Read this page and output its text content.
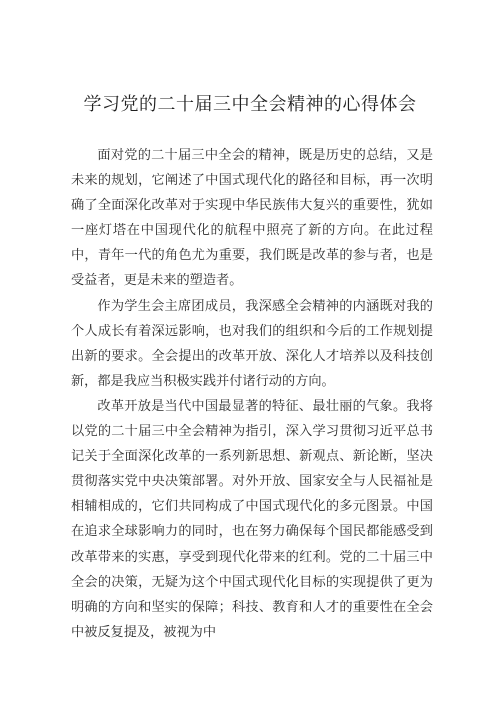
学习党的二十届三中全会精神的心得体会

面对党的二十届三中全会的精神，既是历史的总结，又是未来的规划，它阐述了中国式现代化的路径和目标，再一次明确了全面深化改革对于实现中华民族伟大复兴的重要性，犹如一座灯塔在中国现代化的航程中照亮了新的方向。在此过程中，青年一代的角色尤为重要，我们既是改革的参与者，也是受益者，更是未来的塑造者。

作为学生会主席团成员，我深感全会精神的内涵既对我的个人成长有着深远影响，也对我们的组织和今后的工作规划提出新的要求。全会提出的改革开放、深化人才培养以及科技创新，都是我应当积极实践并付诸行动的方向。

改革开放是当代中国最显著的特征、最壮丽的气象。我将以党的二十届三中全会精神为指引，深入学习贯彻习近平总书记关于全面深化改革的一系列新思想、新观点、新论断，坚决贯彻落实党中央决策部署。对外开放、国家安全与人民福祉是相辅相成的，它们共同构成了中国式现代化的多元图景。中国在追求全球影响力的同时，也在努力确保每个国民都能感受到改革带来的实惠，享受到现代化带来的红利。党的二十届三中全会的决策，无疑为这个中国式现代化目标的实现提供了更为明确的方向和坚实的保障；科技、教育和人才的重要性在全会中被反复提及，被视为中
